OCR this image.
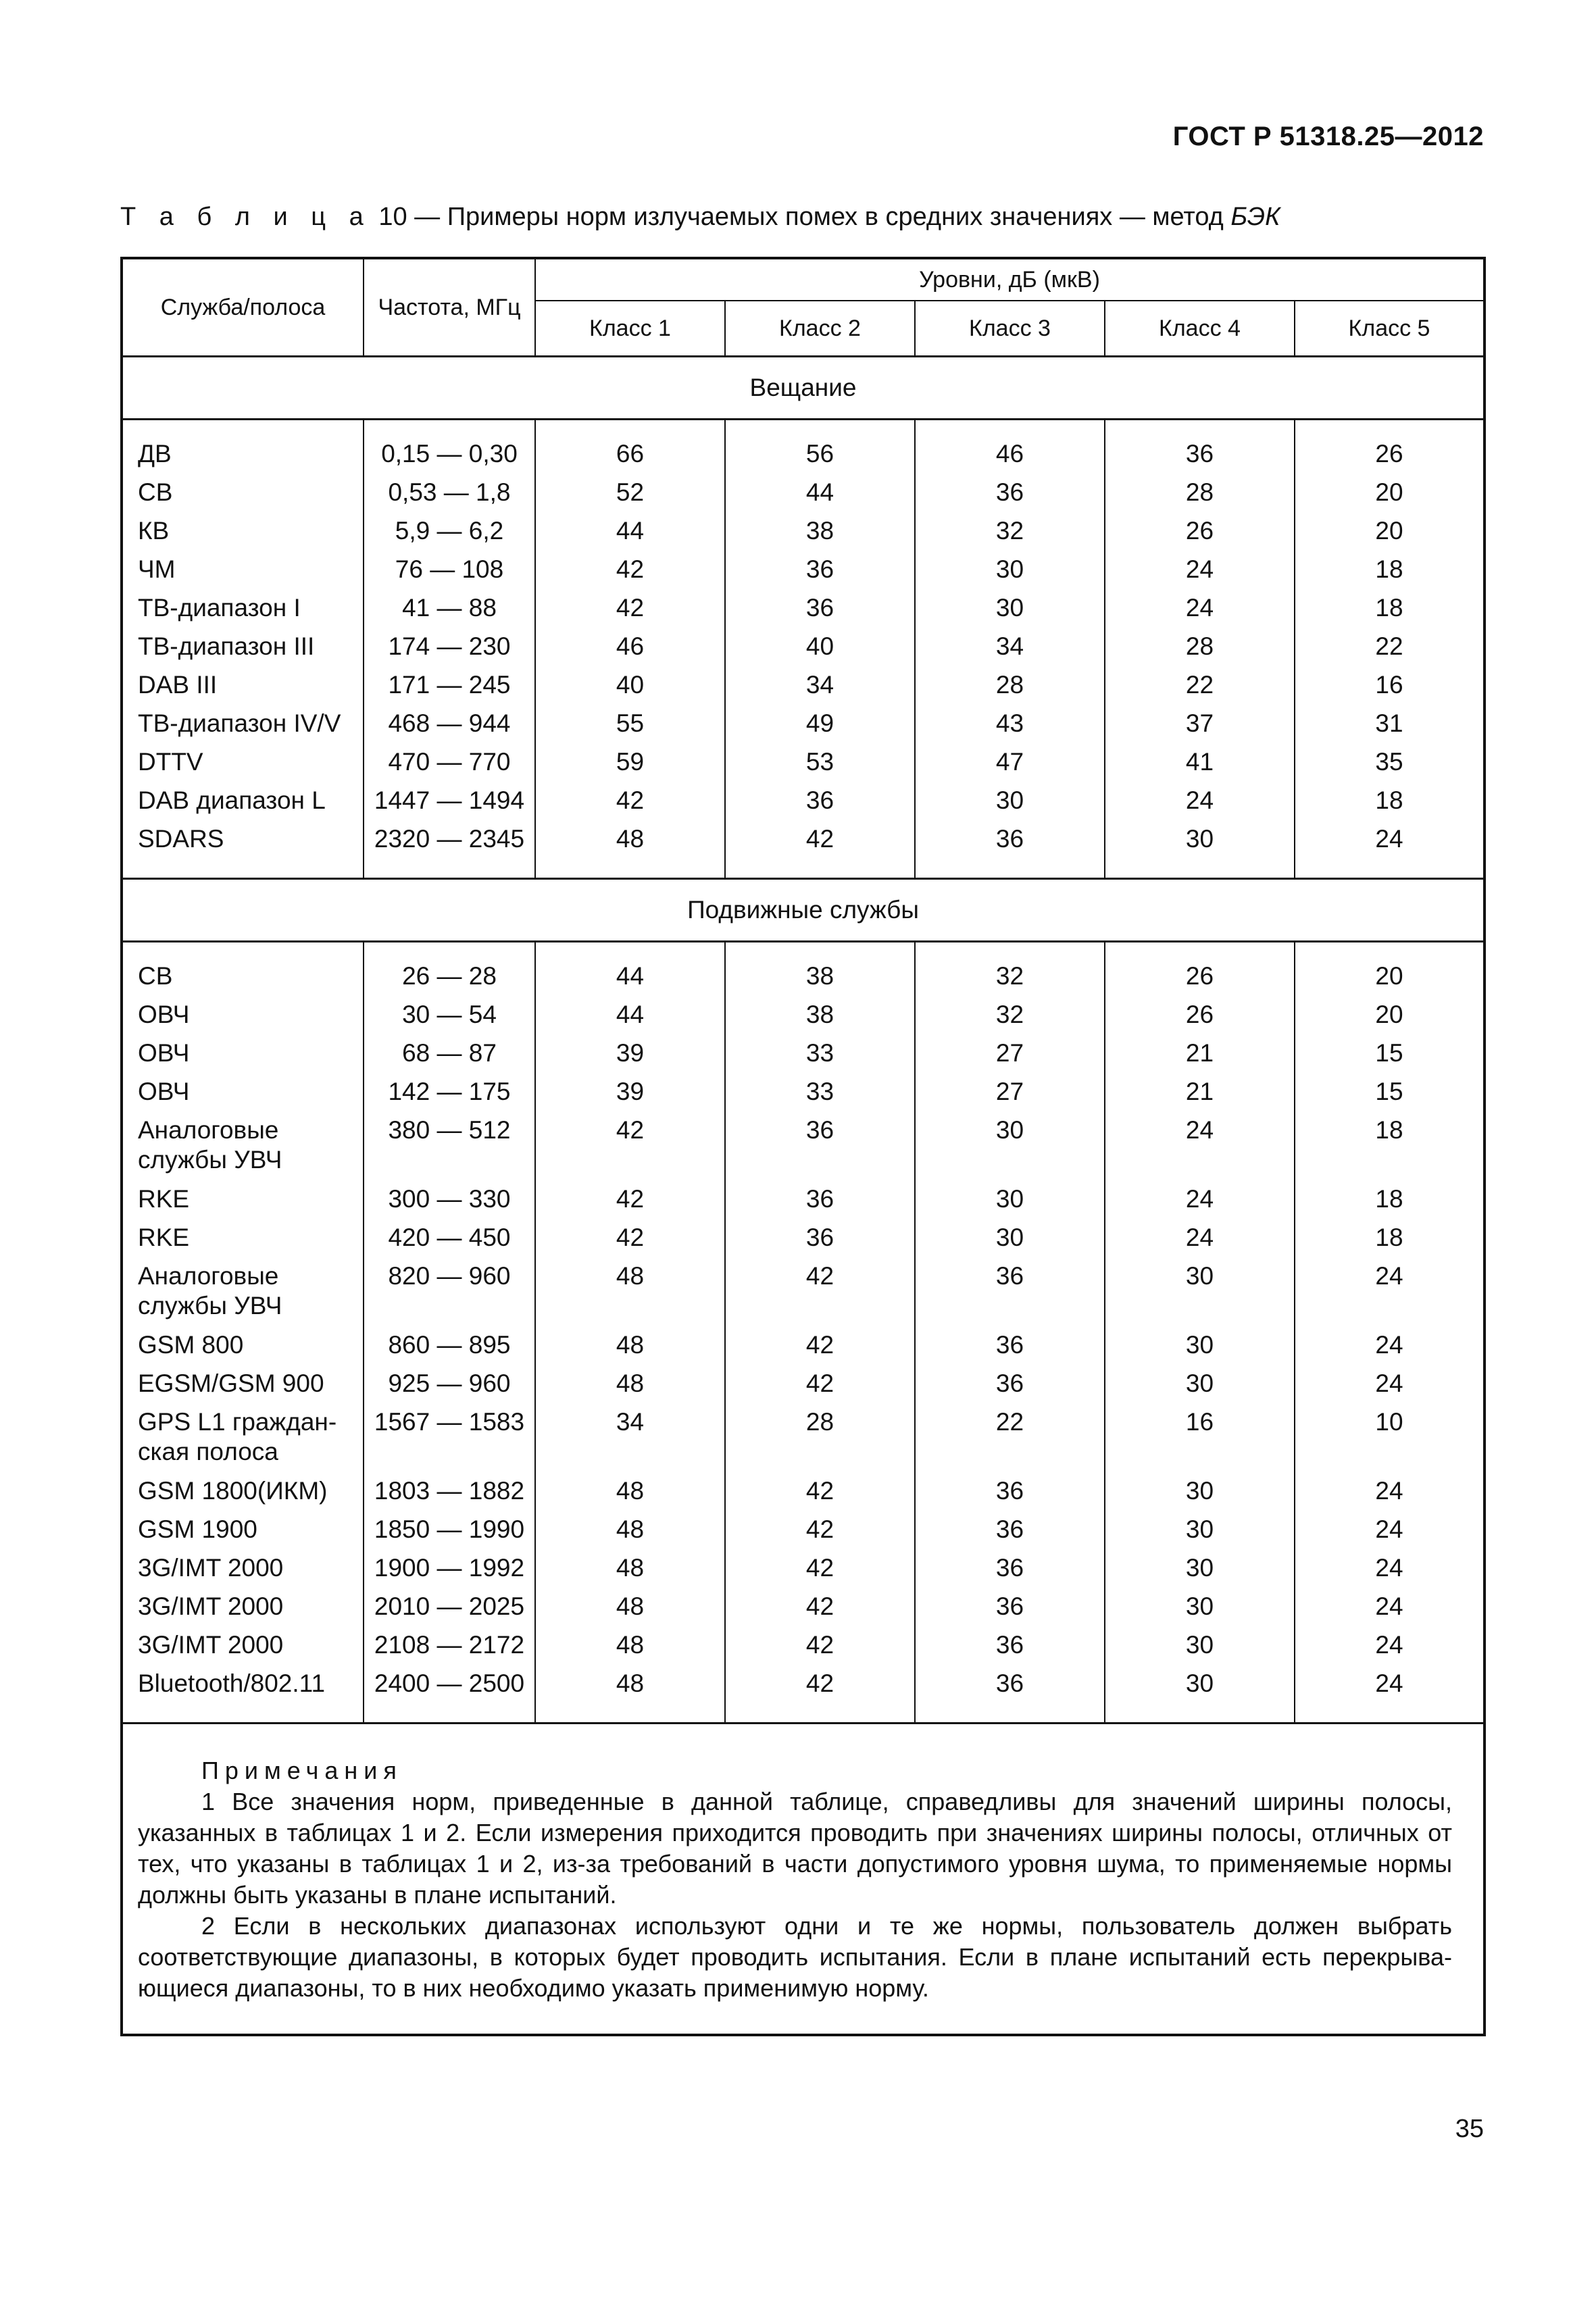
ГОСТ Р 51318.25—2012
Т а б л и ц а 10 — Примеры норм излучаемых помех в средних значениях — метод БЭК
Служба/полоса	Частота, МГц	Уровни, дБ (мкВ)				
		Класс 1	Класс 2	Класс 3	Класс 4	Класс 5
Вещание						
ДВ	0,15 — 0,30	66	56	46	36	26
СВ	0,53 — 1,8	52	44	36	28	20
КВ	5,9 — 6,2	44	38	32	26	20
ЧМ	76 — 108	42	36	30	24	18
ТВ-диапазон I	41 — 88	42	36	30	24	18
ТВ-диапазон III	174 — 230	46	40	34	28	22
DAB III	171 — 245	40	34	28	22	16
ТВ-диапазон IV/V	468 — 944	55	49	43	37	31
DTTV	470 — 770	59	53	47	41	35
DAB диапазон L	1447 — 1494	42	36	30	24	18
SDARS	2320 — 2345	48	42	36	30	24
Подвижные службы						
СВ	26 — 28	44	38	32	26	20
ОВЧ	30 — 54	44	38	32	26	20
ОВЧ	68 — 87	39	33	27	21	15
ОВЧ	142 — 175	39	33	27	21	15
Аналоговые службы УВЧ	380 — 512	42	36	30	24	18
RKE	300 — 330	42	36	30	24	18
RKE	420 — 450	42	36	30	24	18
Аналоговые службы УВЧ	820 — 960	48	42	36	30	24
GSM 800	860 — 895	48	42	36	30	24
EGSM/GSM 900	925 — 960	48	42	36	30	24
GPS L1 граждан-ская полоса	1567 — 1583	34	28	22	16	10
GSM 1800(ИКМ)	1803 — 1882	48	42	36	30	24
GSM 1900	1850 — 1990	48	42	36	30	24
3G/IMT 2000	1900 — 1992	48	42	36	30	24
3G/IMT 2000	2010 — 2025	48	42	36	30	24
3G/IMT 2000	2108 — 2172	48	42	36	30	24
Bluetooth/802.11	2400 — 2500	48	42	36	30	24

Примечания

1 Все значения норм, приведенные в данной таблице, справедливы для значений ширины полосы, указанных в таблицах 1 и 2. Если измерения приходится проводить при значениях ширины полосы, отличных от тех, что указаны в таблицах 1 и 2, из-за требований в части допустимого уровня шума, то применяемые нормы должны быть указаны в плане испытаний.

2 Если в нескольких диапазонах используют одни и те же нормы, пользователь должен выбрать соответствующие диапазоны, в которых будет проводить испытания. Если в плане испытаний есть перекрыва-ющиеся диапазоны, то в них необходимо указать применимую норму.						

35
